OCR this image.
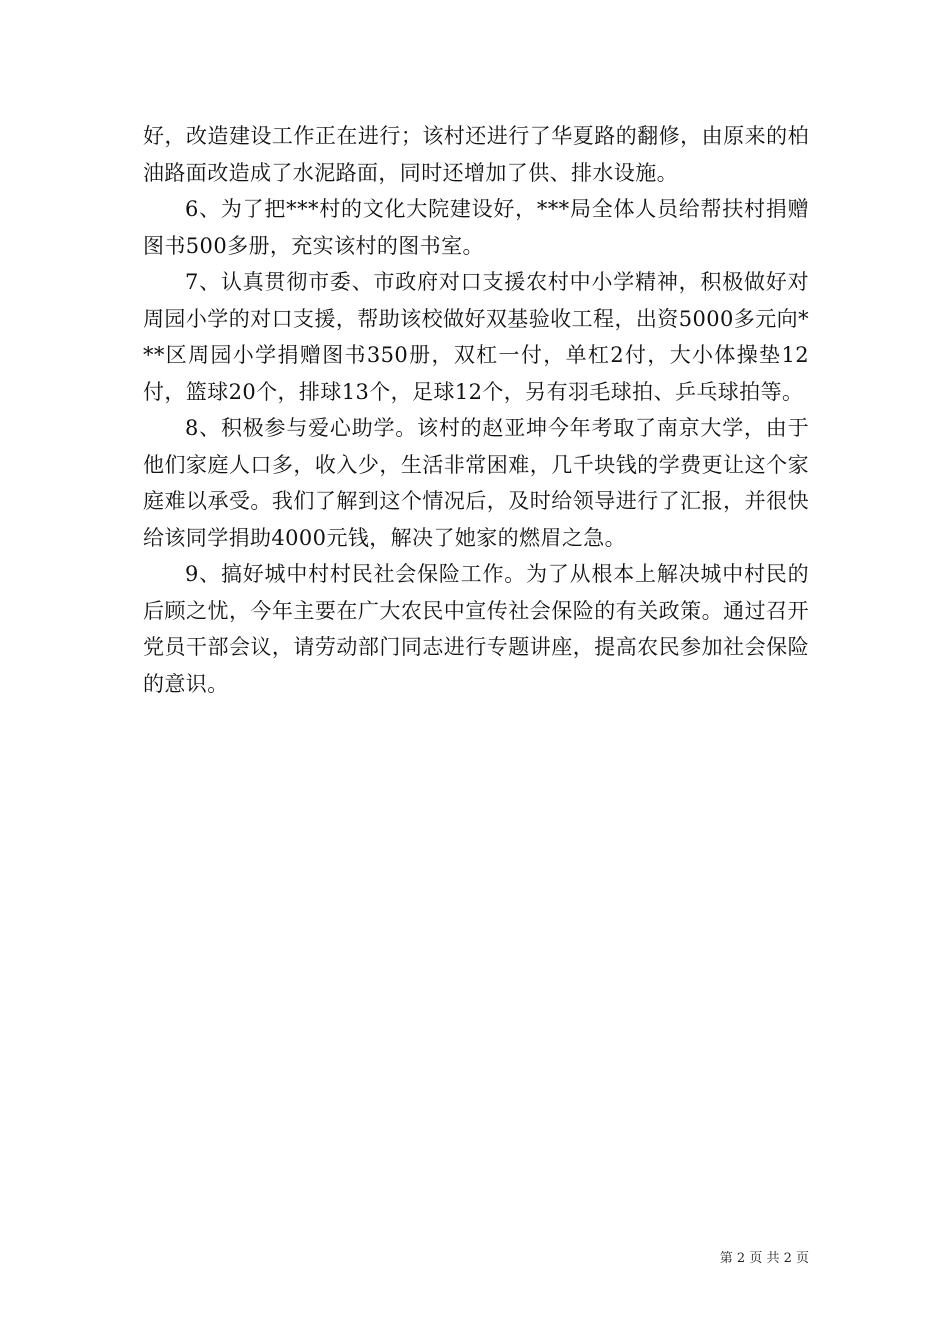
好，改造建设工作正在进行；该村还进行了华夏路的翻修，由原来的柏油路面改造成了水泥路面，同时还增加了供、排水设施。

6、为了把***村的文化大院建设好，***局全体人员给帮扶村捐赠图书500多册，充实该村的图书室。

7、认真贯彻市委、市政府对口支援农村中小学精神，积极做好对周园小学的对口支援，帮助该校做好双基验收工程，出资5000多元向***区周园小学捐赠图书350册，双杠一付，单杠2付，大小体操垫12付，篮球20个，排球13个，足球12个，另有羽毛球拍、乒乓球拍等。

8、积极参与爱心助学。该村的赵亚坤今年考取了南京大学，由于他们家庭人口多，收入少，生活非常困难，几千块钱的学费更让这个家庭难以承受。我们了解到这个情况后，及时给领导进行了汇报，并很快给该同学捐助4000元钱，解决了她家的燃眉之急。

9、搞好城中村村民社会保险工作。为了从根本上解决城中村民的后顾之忧，今年主要在广大农民中宣传社会保险的有关政策。通过召开党员干部会议，请劳动部门同志进行专题讲座，提高农民参加社会保险的意识。

第 2 页 共 2 页
